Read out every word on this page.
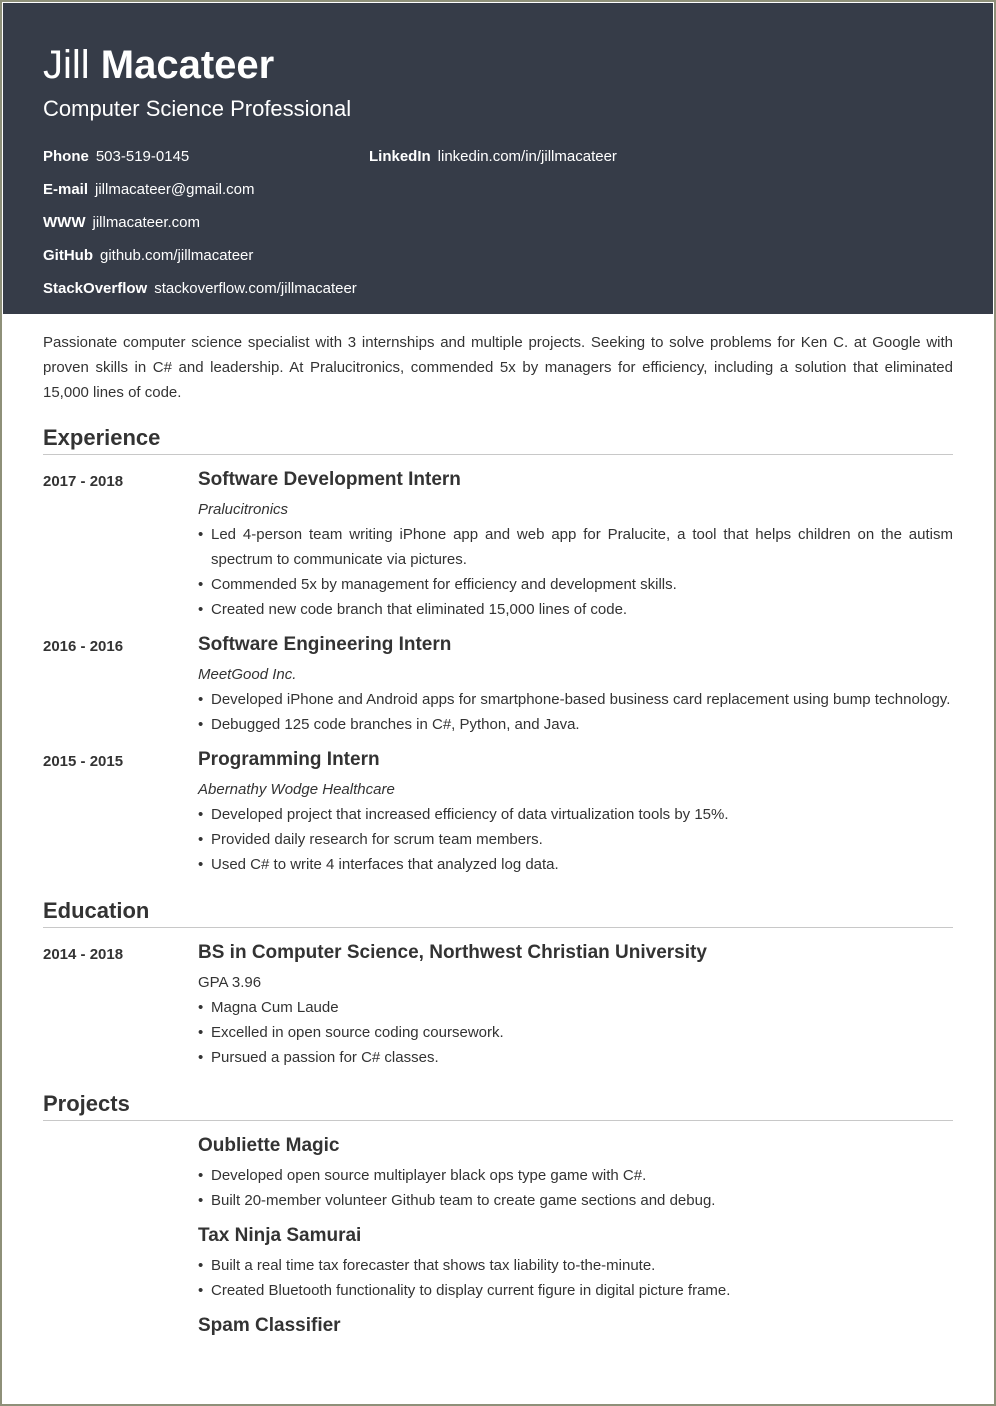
Jill Macateer
Computer Science Professional
Phone 503-519-0145	LinkedIn linkedin.com/in/jillmacateer
E-mail jillmacateer@gmail.com
WWW jillmacateer.com
GitHub github.com/jillmacateer
StackOverflow stackoverflow.com/jillmacateer
Passionate computer science specialist with 3 internships and multiple projects. Seeking to solve problems for Ken C. at Google with proven skills in C# and leadership. At Pralucitronics, commended 5x by managers for efficiency, including a solution that eliminated 15,000 lines of code.
Experience
2017 - 2018	Software Development Intern
Pralucitronics
• Led 4-person team writing iPhone app and web app for Pralucite, a tool that helps children on the autism spectrum to communicate via pictures.
• Commended 5x by management for efficiency and development skills.
• Created new code branch that eliminated 15,000 lines of code.
2016 - 2016	Software Engineering Intern
MeetGood Inc.
• Developed iPhone and Android apps for smartphone-based business card replacement using bump technology.
• Debugged 125 code branches in C#, Python, and Java.
2015 - 2015	Programming Intern
Abernathy Wodge Healthcare
• Developed project that increased efficiency of data virtualization tools by 15%.
• Provided daily research for scrum team members.
• Used C# to write 4 interfaces that analyzed log data.
Education
2014 - 2018	BS in Computer Science, Northwest Christian University
GPA 3.96
• Magna Cum Laude
• Excelled in open source coding coursework.
• Pursued a passion for C# classes.
Projects
Oubliette Magic
• Developed open source multiplayer black ops type game with C#.
• Built 20-member volunteer Github team to create game sections and debug.
Tax Ninja Samurai
• Built a real time tax forecaster that shows tax liability to-the-minute.
• Created Bluetooth functionality to display current figure in digital picture frame.
Spam Classifier
